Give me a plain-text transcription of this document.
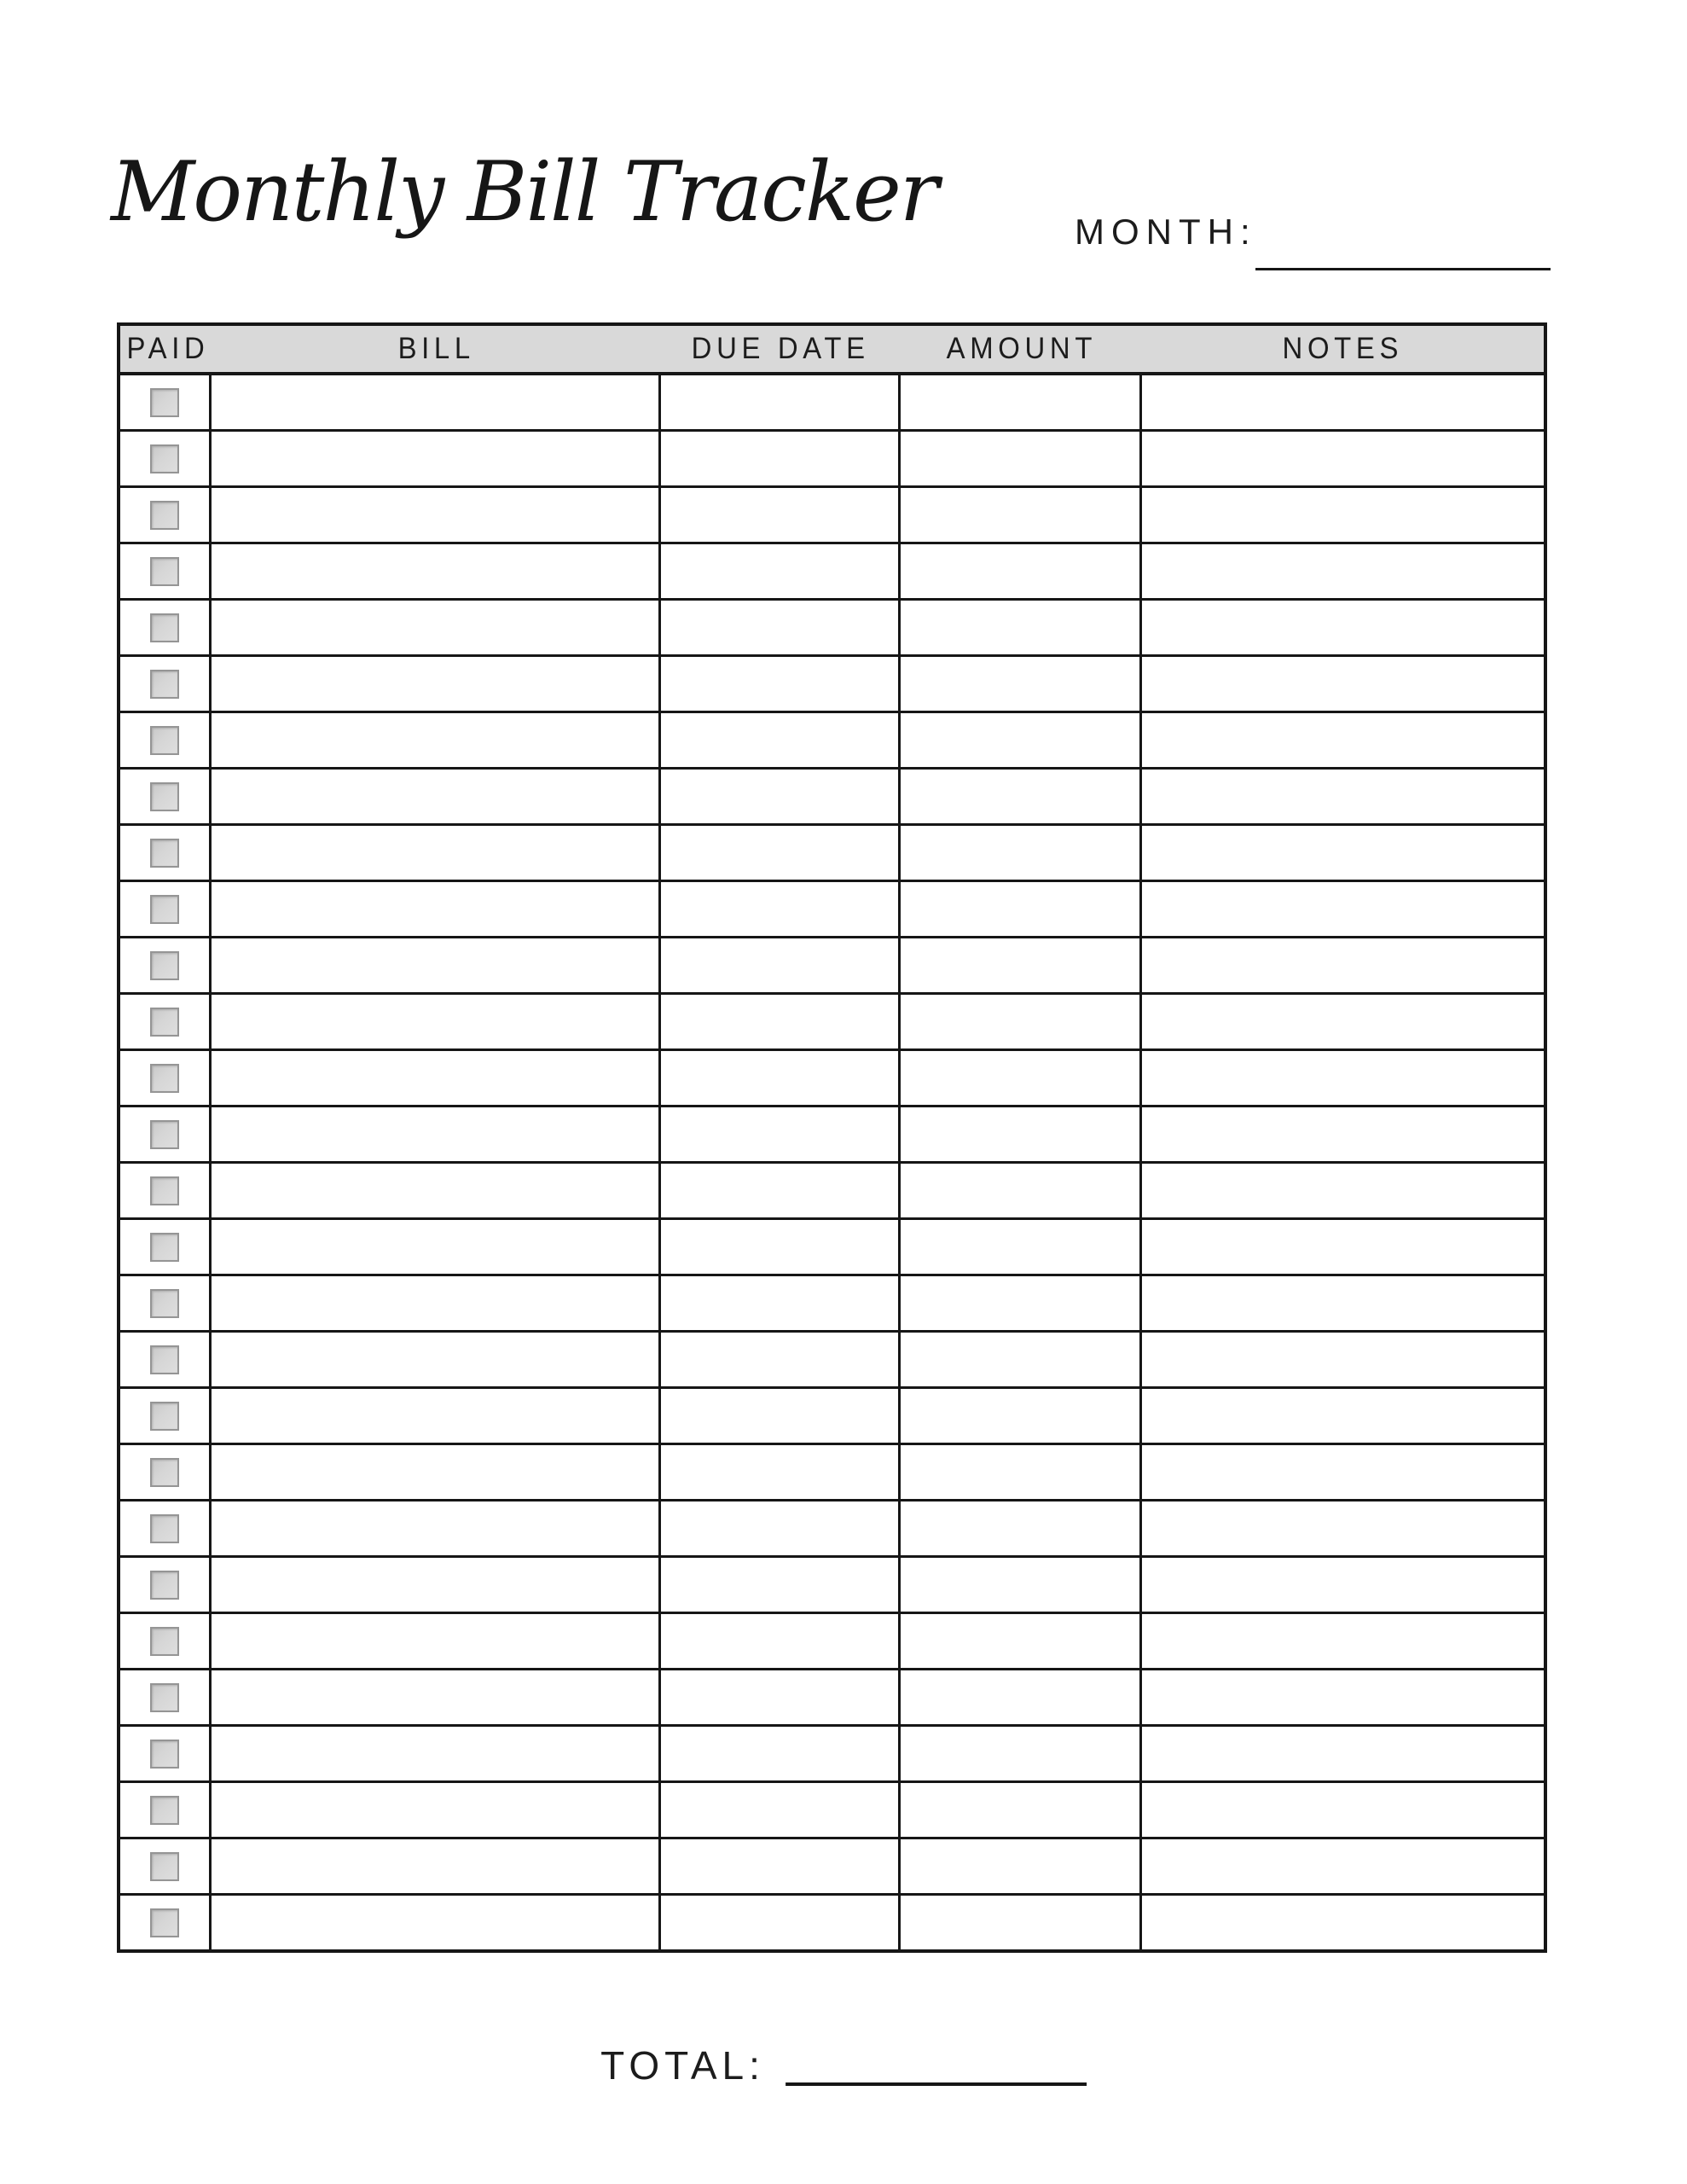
Monthly Bill Tracker	MONTH:
PAID	BILL	DUE DATE	AMOUNT	NOTES
TOTAL:
